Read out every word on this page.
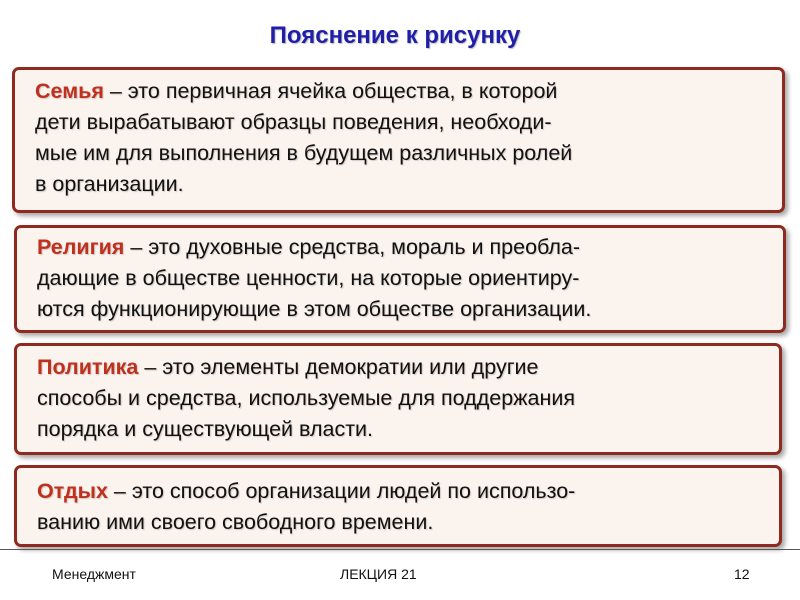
Пояснение к рисунку

Семья – это первичная ячейка общества, в которой
дети вырабатывают образцы поведения, необходи-
мые им для выполнения в будущем различных ролей
в организации.

Религия – это духовные средства, мораль и преобла-
дающие в обществе ценности, на которые ориентиру-
ются функционирующие в этом обществе организации.

Политика – это элементы демократии или другие
способы и средства, используемые для поддержания
порядка и существующей власти.

Отдых – это способ организации людей по использо-
ванию ими своего свободного времени.

Менеджмент	ЛЕКЦИЯ 21	12
